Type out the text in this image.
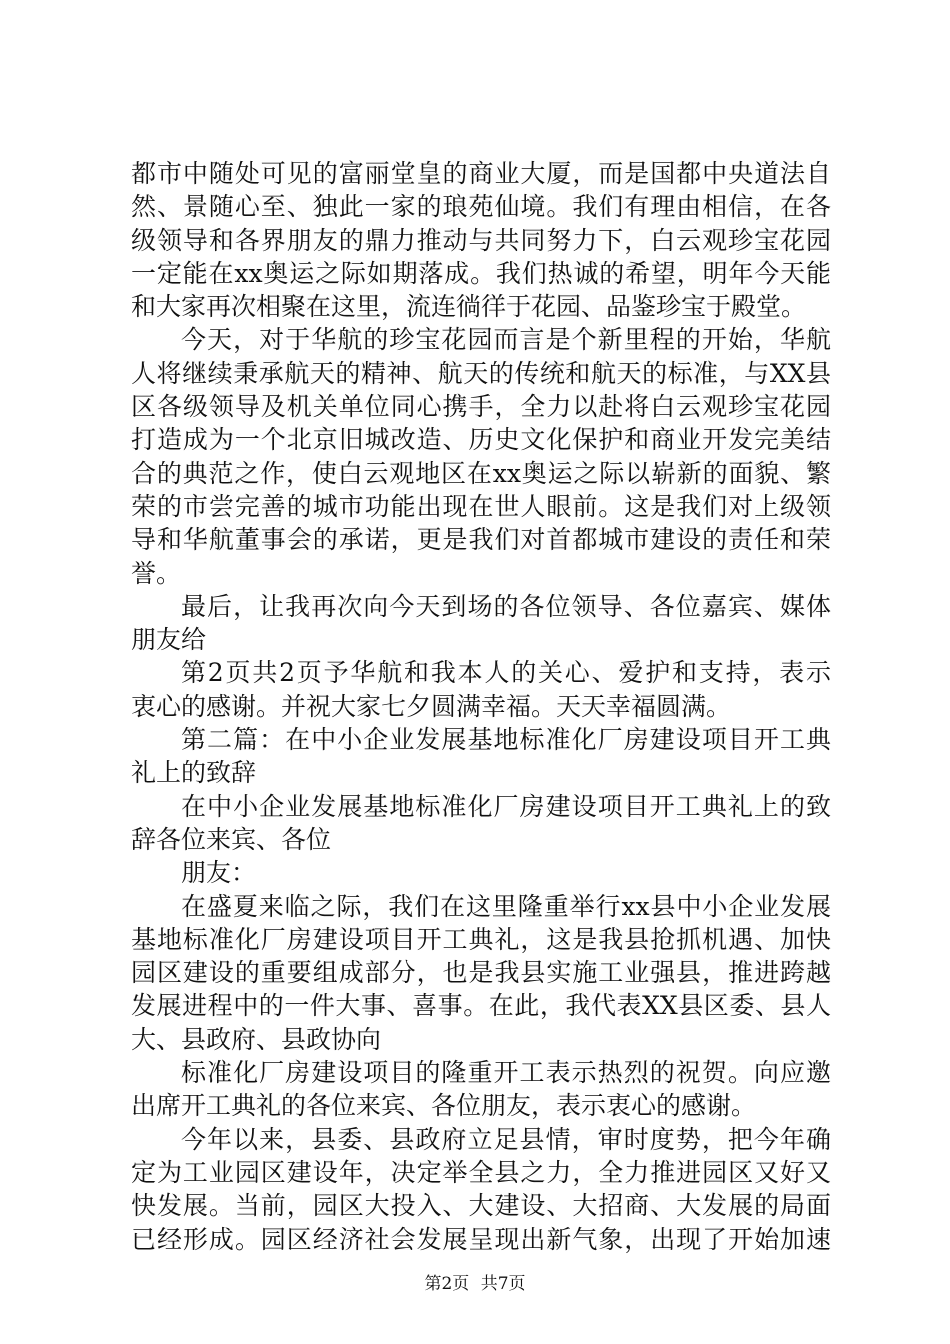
都市中随处可见的富丽堂皇的商业大厦，而是国都中央道法自
然、景随心至、独此一家的琅苑仙境。我们有理由相信，在各
级领导和各界朋友的鼎力推动与共同努力下，白云观珍宝花园
一定能在xx奥运之际如期落成。我们热诚的希望，明年今天能
和大家再次相聚在这里，流连徜徉于花园、品鉴珍宝于殿堂。
今天，对于华航的珍宝花园而言是个新里程的开始，华航
人将继续秉承航天的精神、航天的传统和航天的标准，与XX县
区各级领导及机关单位同心携手，全力以赴将白云观珍宝花园
打造成为一个北京旧城改造、历史文化保护和商业开发完美结
合的典范之作，使白云观地区在xx奥运之际以崭新的面貌、繁
荣的市尝完善的城市功能出现在世人眼前。这是我们对上级领
导和华航董事会的承诺，更是我们对首都城市建设的责任和荣
誉。
最后，让我再次向今天到场的各位领导、各位嘉宾、媒体
朋友给
第2页共2页予华航和我本人的关心、爱护和支持，表示
衷心的感谢。并祝大家七夕圆满幸福。天天幸福圆满。
第二篇：在中小企业发展基地标准化厂房建设项目开工典
礼上的致辞
在中小企业发展基地标准化厂房建设项目开工典礼上的致
辞各位来宾、各位
朋友：
在盛夏来临之际，我们在这里隆重举行xx县中小企业发展
基地标准化厂房建设项目开工典礼，这是我县抢抓机遇、加快
园区建设的重要组成部分，也是我县实施工业强县，推进跨越
发展进程中的一件大事、喜事。在此，我代表XX县区委、县人
大、县政府、县政协向
标准化厂房建设项目的隆重开工表示热烈的祝贺。向应邀
出席开工典礼的各位来宾、各位朋友，表示衷心的感谢。
今年以来，县委、县政府立足县情，审时度势，把今年确
定为工业园区建设年，决定举全县之力，全力推进园区又好又
快发展。当前，园区大投入、大建设、大招商、大发展的局面
已经形成。园区经济社会发展呈现出新气象，出现了开始加速
第2页 共7页
